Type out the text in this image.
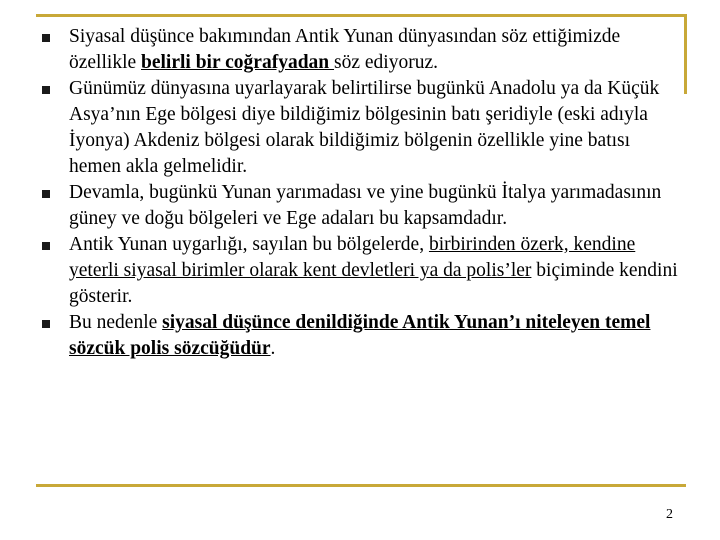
Siyasal düşünce bakımından Antik Yunan dünyasından söz ettiğimizde özellikle belirli bir coğrafyadan söz ediyoruz.
Günümüz dünyasına uyarlayarak belirtilirse bugünkü Anadolu ya da Küçük Asya’nın Ege bölgesi diye bildiğimiz bölgesinin batı şeridiyle (eski adıyla İyonya) Akdeniz bölgesi olarak bildiğimiz bölgenin özellikle yine batısı hemen akla gelmelidir.
Devamla, bugünkü Yunan yarımadası ve yine bugünkü İtalya yarımadasının güney ve doğu bölgeleri ve Ege adaları bu kapsamdadır.
Antik Yunan uygarlığı, sayılan bu bölgelerde, birbirinden özerk, kendine yeterli siyasal birimler olarak kent devletleri ya da polis’ler biçiminde kendini gösterir.
Bu nedenle siyasal düşünce denildiğinde Antik Yunan’ı niteleyen temel sözcük polis sözcüğüdür.
2
